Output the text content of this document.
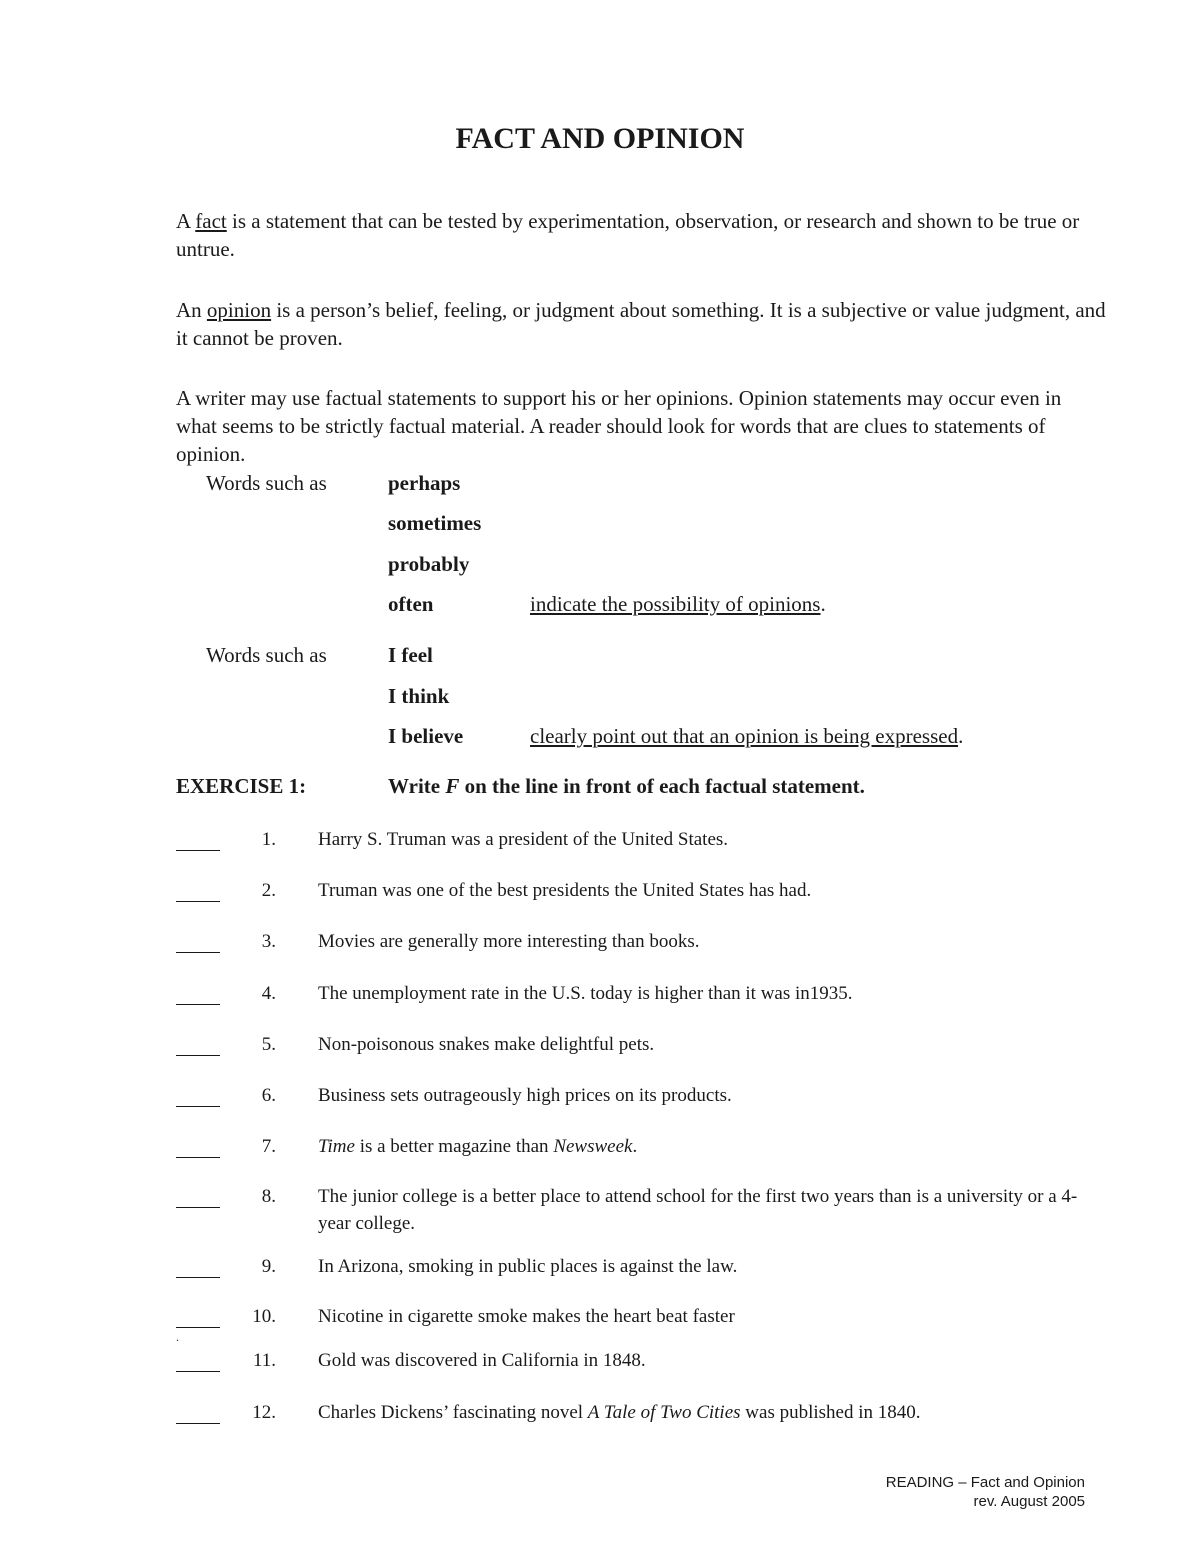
FACT AND OPINION

A fact is a statement that can be tested by experimentation, observation, or research and shown to be true or untrue.

An opinion is a person’s belief, feeling, or judgment about something. It is a subjective or value judgment, and it cannot be proven.

A writer may use factual statements to support his or her opinions. Opinion statements may occur even in what seems to be strictly factual material. A reader should look for words that are clues to statements of opinion.

Words such as	perhaps
sometimes
probably
often	indicate the possibility of opinions.
Words such as	I feel
I think
I believe	clearly point out that an opinion is being expressed.
EXERCISE 1:	Write F on the line in front of each factual statement.
1. Harry S. Truman was a president of the United States.
2. Truman was one of the best presidents the United States has had.
3. Movies are generally more interesting than books.
4. The unemployment rate in the U.S. today is higher than it was in1935.
5. Non-poisonous snakes make delightful pets.
6. Business sets outrageously high prices on its products.
7. Time is a better magazine than Newsweek.
8. The junior college is a better place to attend school for the first two years than is a university or a 4-year college.
9. In Arizona, smoking in public places is against the law.
10. Nicotine in cigarette smoke makes the heart beat faster
.
11. Gold was discovered in California in 1848.
12. Charles Dickens’ fascinating novel A Tale of Two Cities was published in 1840.
READING – Fact and Opinion
rev. August 2005
